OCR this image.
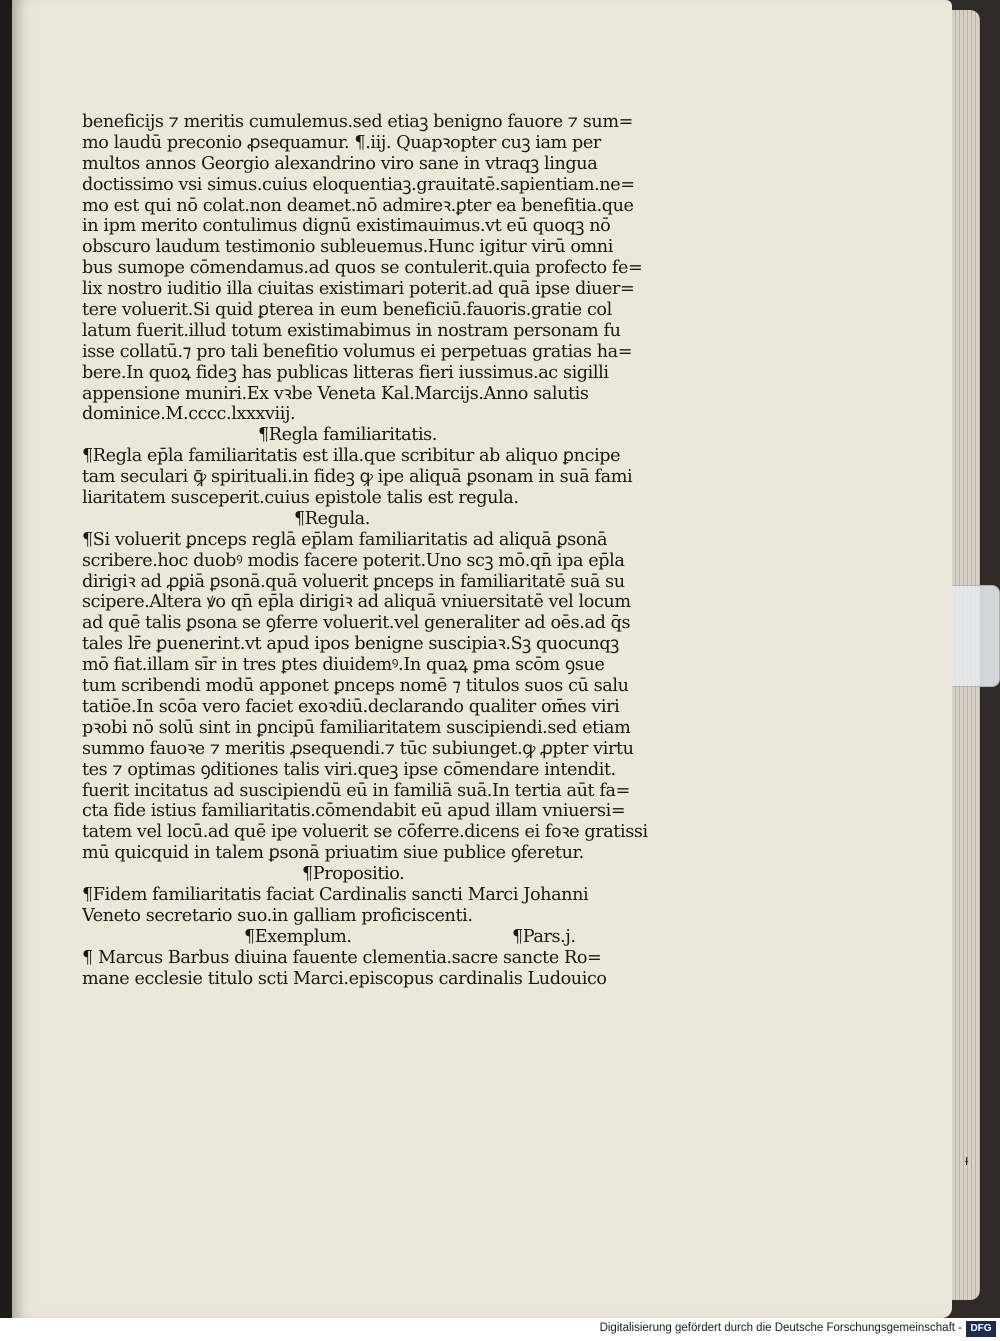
beneficijs ⁊ meritis cumulemus.sed etiaꝫ benigno fauore ⁊ sum=
mo laudū preconio ꝓsequamur. ¶.iij. Quapꝛopter cuꝫ iam per
multos annos Georgio alexandrino viro sane in vtraqꝫ lingua
doctissimo vsi simus.cuius eloquentiaꝫ.grauitatē.sapientiam.ne=
mo est qui nō colat.non deamet.nō admireꝛ.ꝑter ea benefitia.que
in ipm merito contulimus dignū existimauimus.vt eū quoqꝫ nō
obscuro laudum testimonio subleuemus.Hunc igitur virū omni
bus sumope cōmendamus.ad quos se contulerit.quia profecto fe=
lix nostro iuditio illa ciuitas existimari poterit.ad quā ipse diuer=
tere voluerit.Si quid ꝑterea in eum beneficiū.fauoris.gratie col
latum fuerit.illud totum existimabimus in nostram personam fu
isse collatū.⁊ pro tali benefitio volumus ei perpetuas gratias ha=
bere.In quoꝝ fideꝫ has publicas litteras fieri iussimus.ac sigilli
appensione muniri.Ex vꝛbe Veneta Kal.Marcijs.Anno salutis
dominice.M.cccc.lxxxviij.
¶Regla familiaritatis.
¶Regla ep̄la familiaritatis est illa.que scribitur ab aliquo ꝑncipe
tam seculari ꝙ̄ spirituali.in fideꝫ ꝙ ipe aliquā ꝑsonam in suā fami
liaritatem susceperit.cuius epistole talis est regula.
¶Regula.
¶Si voluerit ꝑnceps reglā ep̄lam familiaritatis ad aliquā ꝑsonā
scribere.hoc duobꝰ modis facere poterit.Uno scꝫ mō.qn̄ ipa ep̄la
dirigiꝛ ad ꝓꝑiā ꝑsonā.quā voluerit ꝑnceps in familiaritatē suā su
scipere.Altera ꝟo qn̄ ep̄la dirigiꝛ ad aliquā vniuersitatē vel locum
ad quē talis ꝑsona se ꝯferre voluerit.vel generaliter ad oēs.ad q̄s
tales lr̄e ꝑuenerint.vt apud ipos benigne suscipiaꝛ.Sꝫ quocunqꝫ
mō fiat.illam sīr in tres ꝑtes diuidemꝰ.In quaꝝ ꝑma scōm ꝯsue
tum scribendi modū apponet ꝑnceps nomē ⁊ titulos suos cū salu
tatiōe.In scōa vero faciet exoꝛdiū.declarando qualiter om̄es viri
pꝛobi nō solū sint in ꝑncipū familiaritatem suscipiendi.sed etiam
summo fauoꝛe ⁊ meritis ꝓsequendi.⁊ tūc subiunget.ꝙ ꝓpter virtu
tes ⁊ optimas ꝯditiones talis viri.queꝫ ipse cōmendare intendit.
fuerit incitatus ad suscipiendū eū in familiā suā.In tertia aūt fa=
cta fide istius familiaritatis.cōmendabit eū apud illam vniuersi=
tatem vel locū.ad quē ipe voluerit se cōferre.dicens ei foꝛe gratissi
mū quicquid in talem ꝑsonā priuatim siue publice ꝯferetur.
¶Propositio.
¶Fidem familiaritatis faciat Cardinalis sancti Marci Johanni
Veneto secretario suo.in galliam proficiscenti.
¶Exemplum.	¶Pars.j.
¶ Marcus Barbus diuina fauente clementia.sacre sancte Ro=
mane ecclesie titulo scti Marci.episcopus cardinalis Ludouico
Ɨ
Digitalisierung gefördert durch die Deutsche Forschungsgemeinschaft - DFG
